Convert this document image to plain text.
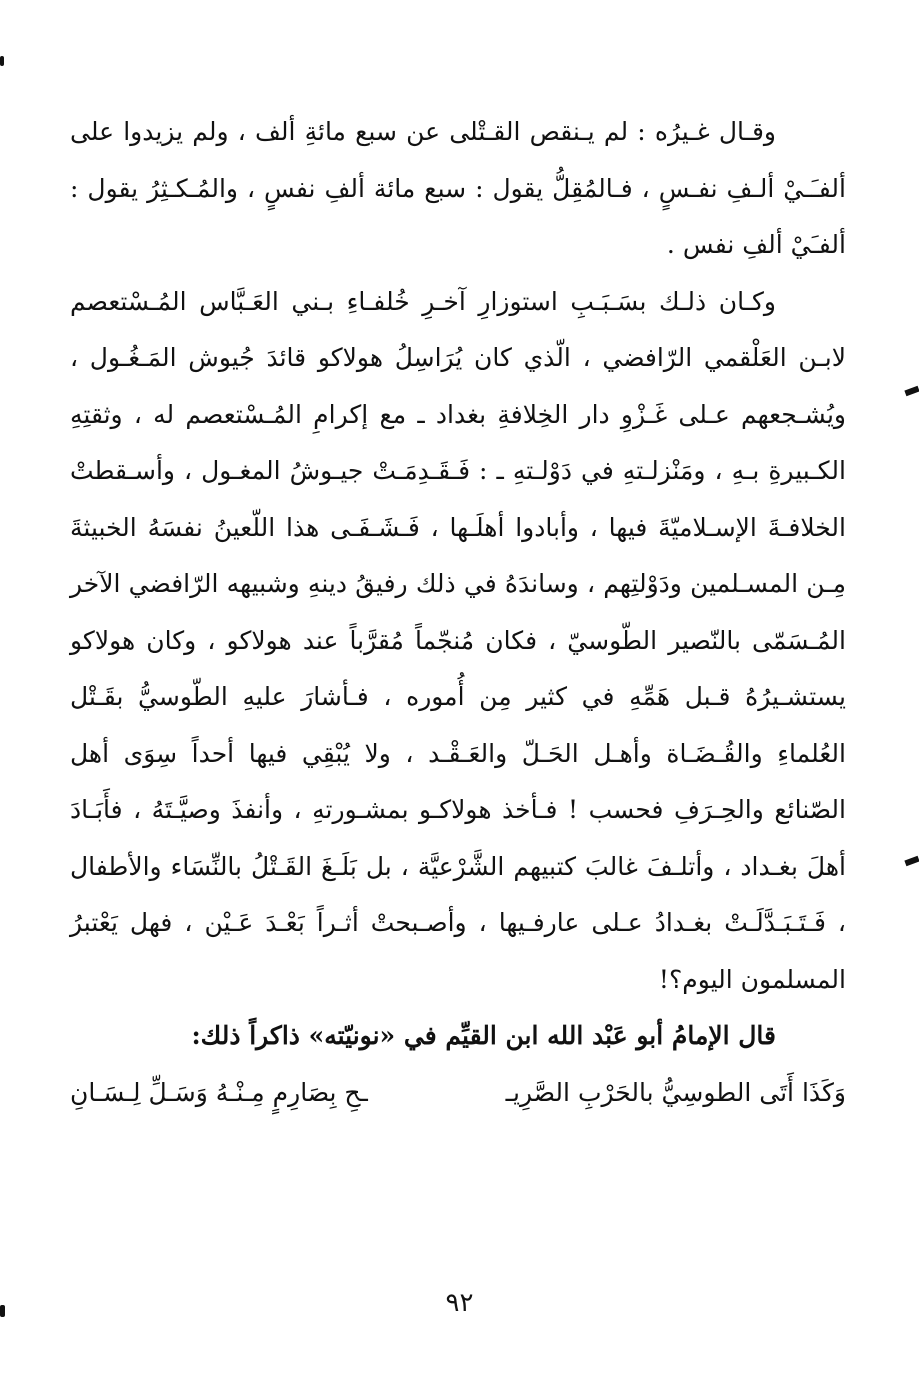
وقـال غـيرُه : لم يـنقص القـتْلى عن سبع مائةِ ألف ، ولم يزيدوا على ألفـَـيْ ألـفِ نفـسٍ ، فـالمُقِلُّ يقول : سبع مائة ألفِ نفسٍ ، والمُـكـثِرُ يقول : ألفـَيْ ألفِ نفس .

وكـان ذلـك بسَـبَـبِ استوزارِ آخـرِ خُلفـاءِ بـني العَـبَّاس المُـسْتعصم لابـن العَلْقمي الرّافضي ، الّذي كان يُرَاسِلُ هولاكو قائدَ جُيوش المَـغُـول ، ويُشـجعهم عـلى غَـزْوِ دار الخِلافةِ بغداد ـ مع إكرامِ المُـسْتعصم له ، وثقتِهِ الكـبيرةِ بـهِ ، ومَنْزلـتهِ في دَوْلـتهِ ـ : فَـقَـدِمَـتْ جيـوشُ المغـول ، وأسـقطتْ الخلافـةَ الإسـلاميّةَ فيها ، وأبادوا أهلَـها ، فَـشَـفَـى هذا اللّعينُ نفسَهُ الخبيثةَ مِـن المسـلمين ودَوْلتِهم ، وساندَهُ في ذلك رفيقُ دينهِ وشبيهه الرّافضي الآخر المُـسَمّى بالنّصير الطّوسيّ ، فكان مُنجّماً مُقرَّباً عند هولاكو ، وكان هولاكو يستشـيرُهُ قـبل هَمِّهِ في كثير مِن أُموره ، فـأشارَ عليهِ الطّوسيُّ بقَـتْل العُلماءِ والقُـضَـاة وأهـل الحَـلّ والعَـقْـد ، ولا يُبْقِي فيها أحداً سِوَى أهل الصّنائع والحِـرَفِ فحسب ! فـأخذ هولاكـو بمشـورتهِ ، وأنفذَ وصيَّـتَهُ ، فأَبَـادَ أهلَ بغـداد ، وأتلـفَ غالبَ كتبيهم الشَّرْعيَّة ، بل بَلَـغَ القَـتْلُ بالنِّسَاء والأطفال ، فَـتَـبَـدَّلَـتْ بغـدادُ عـلى عارفـيها ، وأصـبحتْ أثـراً بَعْـدَ عَـيْن ، فهل يَعْتبرُ المسلمون اليوم؟!

قال الإمامُ أبو عَبْد الله ابن القيِّم في «نونيّته» ذاكراً ذلك:

وَكَذَا أَتَى الطوسِيُّ بالحَرْبِ الصَّرِيـ
ـحِ بِصَارِمٍ مِـنْـهُ وَسَـلِّ لِـسَـانِ
٩٢
